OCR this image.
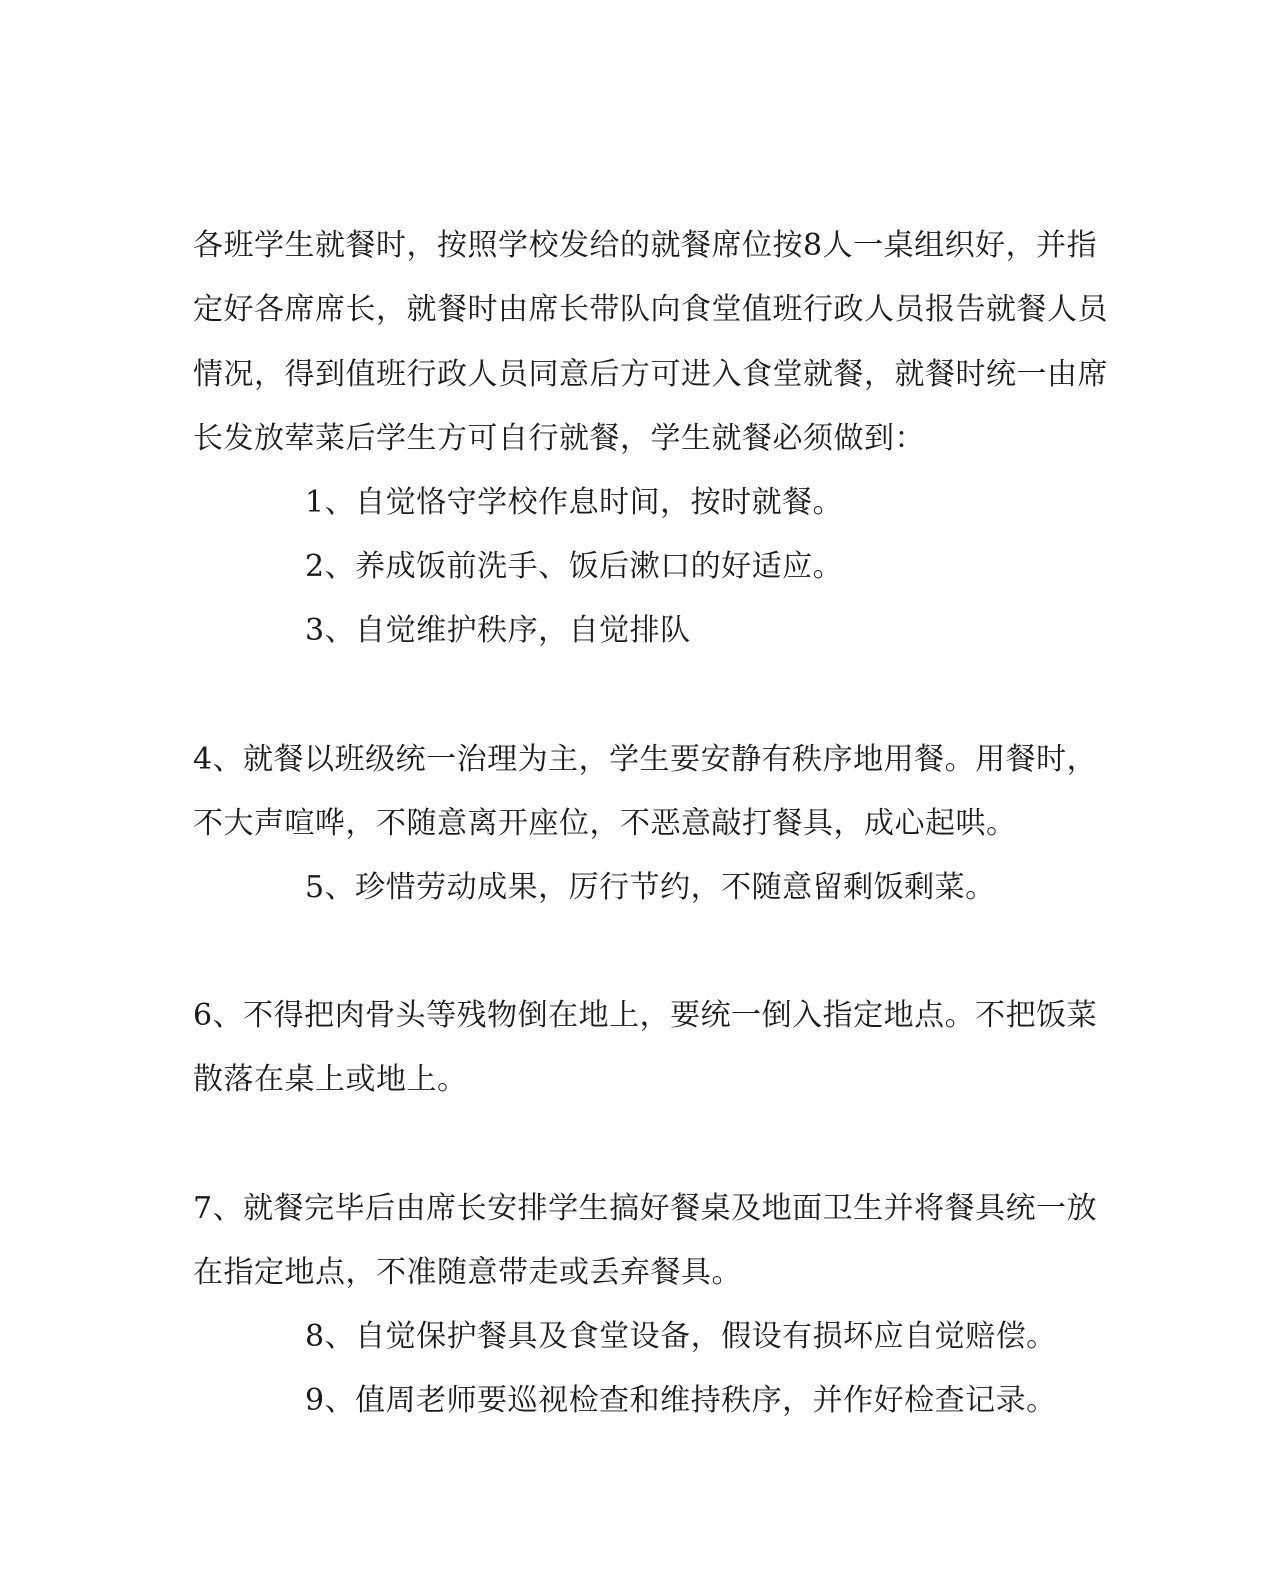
各班学生就餐时，按照学校发给的就餐席位按8人一桌组织好，并指
定好各席席长，就餐时由席长带队向食堂值班行政人员报告就餐人员
情况，得到值班行政人员同意后方可进入食堂就餐，就餐时统一由席
长发放荤菜后学生方可自行就餐，学生就餐必须做到：
1、自觉恪守学校作息时间，按时就餐。
2、养成饭前洗手、饭后漱口的好适应。
3、自觉维护秩序，自觉排队
4、就餐以班级统一治理为主，学生要安静有秩序地用餐。用餐时，
不大声喧哗，不随意离开座位，不恶意敲打餐具，成心起哄。
5、珍惜劳动成果，厉行节约，不随意留剩饭剩菜。
6、不得把肉骨头等残物倒在地上，要统一倒入指定地点。不把饭菜
散落在桌上或地上。
7、就餐完毕后由席长安排学生搞好餐桌及地面卫生并将餐具统一放
在指定地点，不准随意带走或丢弃餐具。
8、自觉保护餐具及食堂设备，假设有损坏应自觉赔偿。
9、值周老师要巡视检查和维持秩序，并作好检查记录。
